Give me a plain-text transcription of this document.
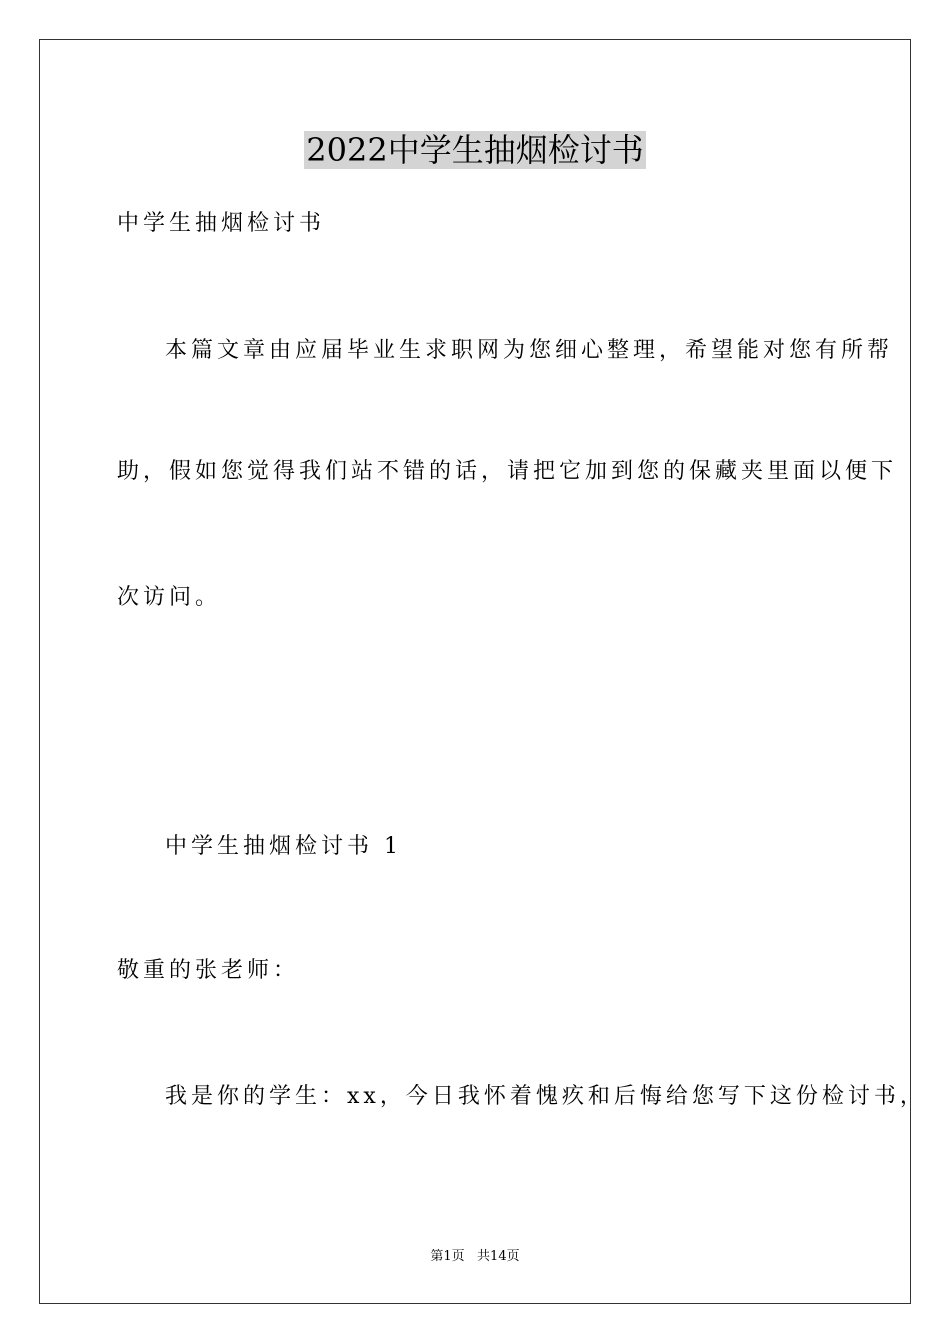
2022中学生抽烟检讨书
中学生抽烟检讨书
本篇文章由应届毕业生求职网为您细心整理，希望能对您有所帮
助，假如您觉得我们站不错的话，请把它加到您的保藏夹里面以便下
次访问。
中学生抽烟检讨书 1
敬重的张老师：
我是你的学生：xx，今日我怀着愧疚和后悔给您写下这份检讨书，
第1页   共14页
